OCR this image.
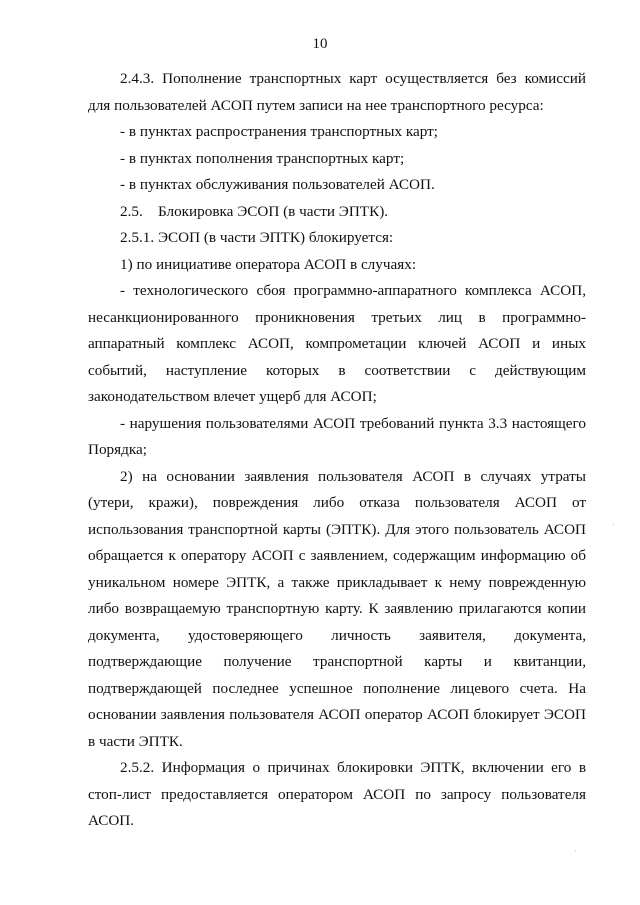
10

2.4.3. Пополнение транспортных карт осуществляется без комиссий для пользователей АСОП путем записи на нее транспортного ресурса:

- в пунктах распространения транспортных карт;

- в пунктах пополнения транспортных карт;

- в пунктах обслуживания пользователей АСОП.

2.5.    Блокировка ЭСОП (в части ЭПТК).

2.5.1. ЭСОП (в части ЭПТК) блокируется:

1) по инициативе оператора АСОП в случаях:

- технологического сбоя программно-аппаратного комплекса АСОП, несанкционированного проникновения третьих лиц в программно-аппаратный комплекс АСОП, компрометации ключей АСОП и иных событий, наступление которых в соответствии с действующим законодательством влечет ущерб для АСОП;

- нарушения пользователями АСОП требований пункта 3.3 настоящего Порядка;

2) на основании заявления пользователя АСОП в случаях утраты (утери, кражи), повреждения либо отказа пользователя АСОП от использования транспортной карты (ЭПТК). Для этого пользователь АСОП обращается к оператору АСОП с заявлением, содержащим информацию об уникальном номере ЭПТК, а также прикладывает к нему поврежденную либо возвращаемую транспортную карту. К заявлению прилагаются копии документа, удостоверяющего личность заявителя, документа, подтверждающие получение транспортной карты и квитанции, подтверждающей последнее успешное пополнение лицевого счета. На основании заявления пользователя АСОП оператор АСОП блокирует ЭСОП в части ЭПТК.

2.5.2. Информация о причинах блокировки ЭПТК, включении его в стоп-лист предоставляется оператором АСОП по запросу пользователя АСОП.

·
·
